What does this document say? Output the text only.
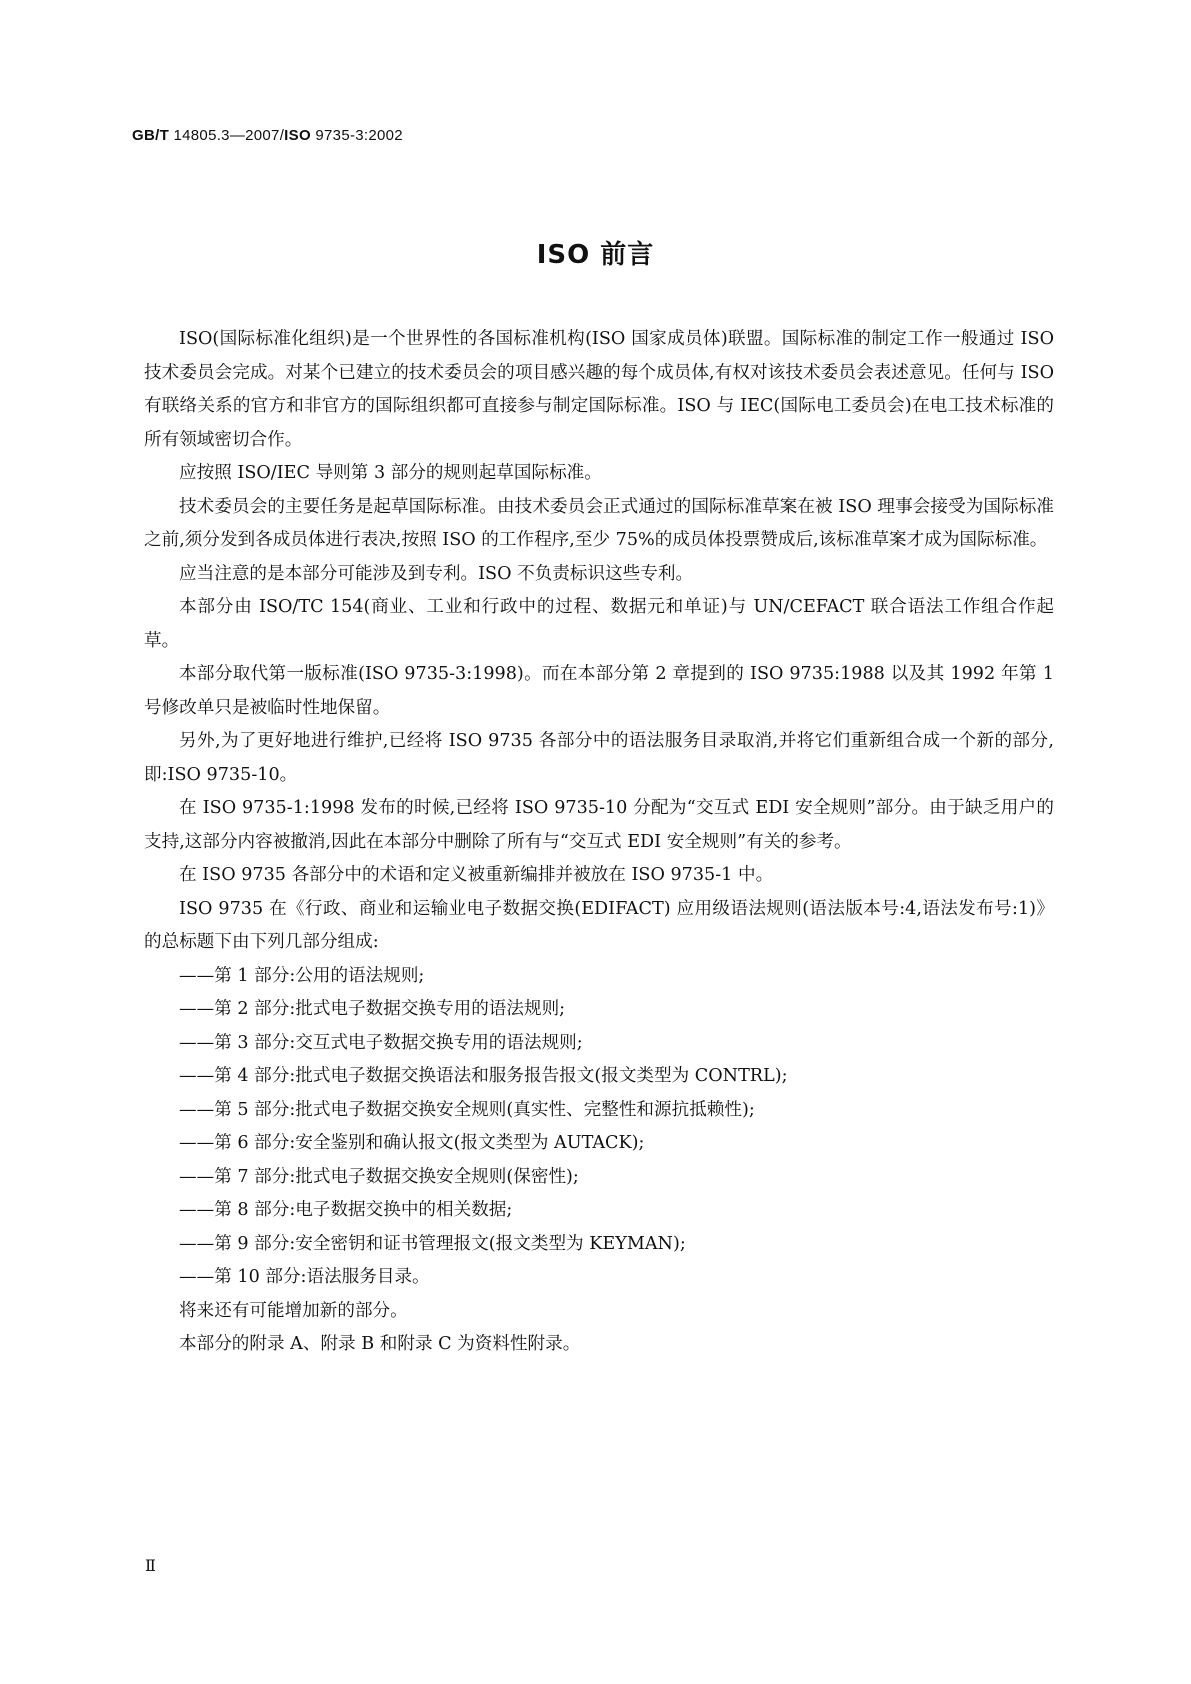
GB/T 14805.3—2007/ISO 9735-3:2002
ISO 前言

ISO(国际标准化组织)是一个世界性的各国标准机构(ISO 国家成员体)联盟。国际标准的制定工作一般通过 ISO 技术委员会完成。对某个已建立的技术委员会的项目感兴趣的每个成员体,有权对该技术委员会表述意见。任何与 ISO 有联络关系的官方和非官方的国际组织都可直接参与制定国际标准。ISO 与 IEC(国际电工委员会)在电工技术标准的所有领域密切合作。

应按照 ISO/IEC 导则第 3 部分的规则起草国际标准。

技术委员会的主要任务是起草国际标准。由技术委员会正式通过的国际标准草案在被 ISO 理事会接受为国际标准之前,须分发到各成员体进行表决,按照 ISO 的工作程序,至少 75%的成员体投票赞成后,该标准草案才成为国际标准。

应当注意的是本部分可能涉及到专利。ISO 不负责标识这些专利。

本部分由 ISO/TC 154(商业、工业和行政中的过程、数据元和单证)与 UN/CEFACT 联合语法工作组合作起草。

本部分取代第一版标准(ISO 9735-3:1998)。而在本部分第 2 章提到的 ISO 9735:1988 以及其 1992 年第 1 号修改单只是被临时性地保留。

另外,为了更好地进行维护,已经将 ISO 9735 各部分中的语法服务目录取消,并将它们重新组合成一个新的部分,即:ISO 9735-10。

在 ISO 9735-1:1998 发布的时候,已经将 ISO 9735-10 分配为“交互式 EDI 安全规则”部分。由于缺乏用户的支持,这部分内容被撤消,因此在本部分中删除了所有与“交互式 EDI 安全规则”有关的参考。

在 ISO 9735 各部分中的术语和定义被重新编排并被放在 ISO 9735-1 中。

ISO 9735 在《行政、商业和运输业电子数据交换(EDIFACT) 应用级语法规则(语法版本号:4,语法发布号:1)》的总标题下由下列几部分组成:

——第 1 部分:公用的语法规则;
——第 2 部分:批式电子数据交换专用的语法规则;
——第 3 部分:交互式电子数据交换专用的语法规则;
——第 4 部分:批式电子数据交换语法和服务报告报文(报文类型为 CONTRL);
——第 5 部分:批式电子数据交换安全规则(真实性、完整性和源抗抵赖性);
——第 6 部分:安全鉴别和确认报文(报文类型为 AUTACK);
——第 7 部分:批式电子数据交换安全规则(保密性);
——第 8 部分:电子数据交换中的相关数据;
——第 9 部分:安全密钥和证书管理报文(报文类型为 KEYMAN);
——第 10 部分:语法服务目录。

将来还有可能增加新的部分。

本部分的附录 A、附录 B 和附录 C 为资料性附录。

Ⅱ
